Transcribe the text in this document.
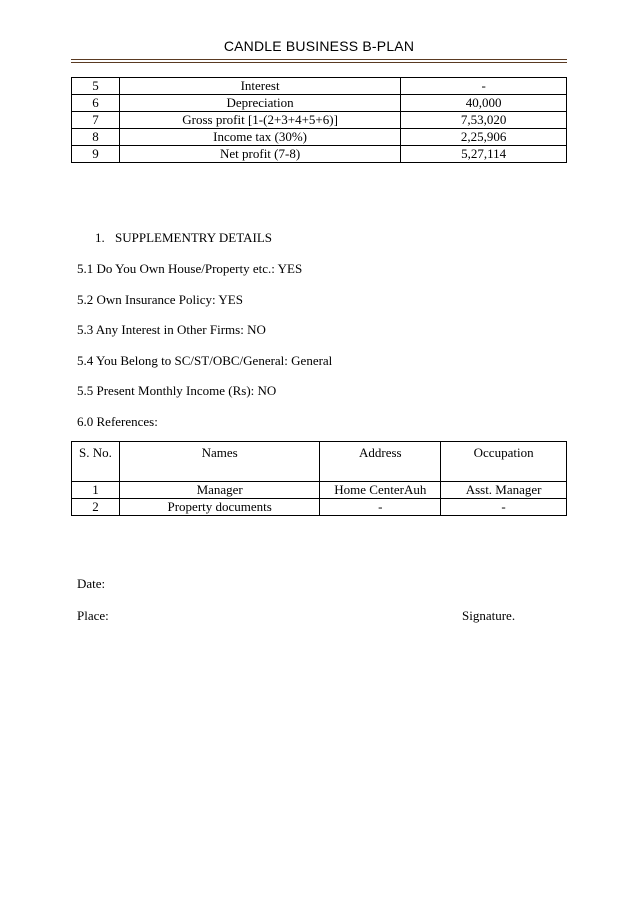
CANDLE BUSINESS B-PLAN
5	Interest	-
6	Depreciation	40,000
7	Gross profit [1-(2+3+4+5+6)]	7,53,020
8	Income tax (30%)	2,25,906
9	Net profit (7-8)	5,27,114
1. SUPPLEMENTRY DETAILS
5.1 Do You Own House/Property etc.: YES
5.2 Own Insurance Policy: YES
5.3 Any Interest in Other Firms: NO
5.4 You Belong to SC/ST/OBC/General: General
5.5 Present Monthly Income (Rs): NO
6.0 References:
S. No.	Names	Address	Occupation
1	Manager	Home CenterAuh	Asst. Manager
2	Property documents	-	-
Date:
Place:	Signature.
